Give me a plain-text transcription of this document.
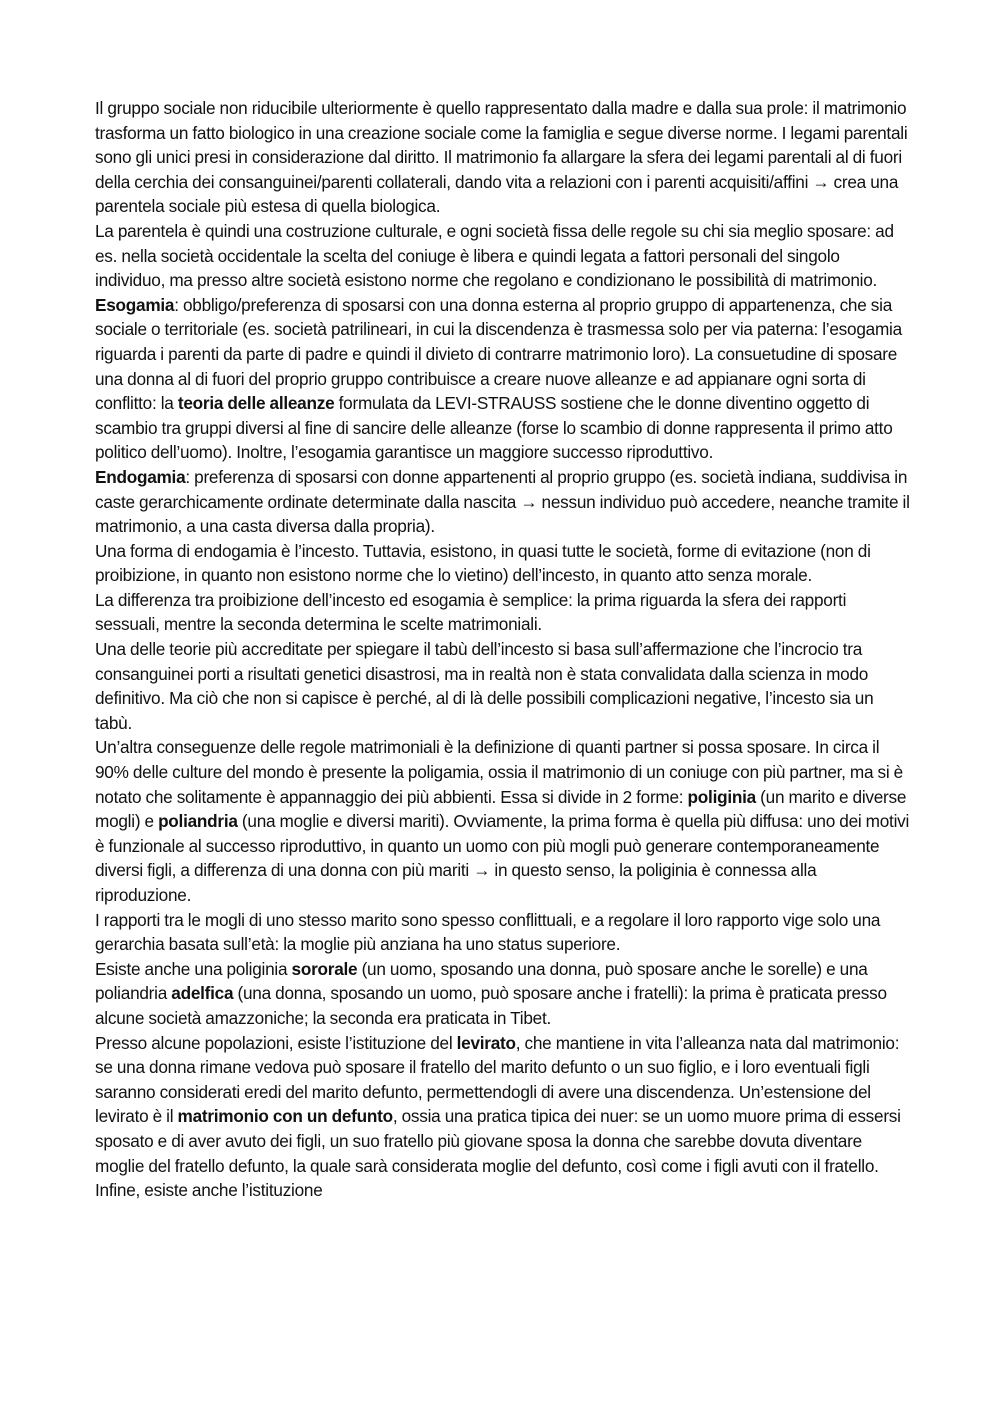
Il gruppo sociale non riducibile ulteriormente è quello rappresentato dalla madre e dalla sua prole: il matrimonio trasforma un fatto biologico in una creazione sociale come la famiglia e segue diverse norme. I legami parentali sono gli unici presi in considerazione dal diritto. Il matrimonio fa allargare la sfera dei legami parentali al di fuori della cerchia dei consanguinei/parenti collaterali, dando vita a relazioni con i parenti acquisiti/affini → crea una parentela sociale più estesa di quella biologica.

La parentela è quindi una costruzione culturale, e ogni società fissa delle regole su chi sia meglio sposare: ad es. nella società occidentale la scelta del coniuge è libera e quindi legata a fattori personali del singolo individuo, ma presso altre società esistono norme che regolano e condizionano le possibilità di matrimonio.

Esogamia: obbligo/preferenza di sposarsi con una donna esterna al proprio gruppo di appartenenza, che sia sociale o territoriale (es. società patrilineari, in cui la discendenza è trasmessa solo per via paterna: l’esogamia riguarda i parenti da parte di padre e quindi il divieto di contrarre matrimonio loro). La consuetudine di sposare una donna al di fuori del proprio gruppo contribuisce a creare nuove alleanze e ad appianare ogni sorta di conflitto: la teoria delle alleanze formulata da LEVI-STRAUSS sostiene che le donne diventino oggetto di scambio tra gruppi diversi al fine di sancire delle alleanze (forse lo scambio di donne rappresenta il primo atto politico dell’uomo). Inoltre, l’esogamia garantisce un maggiore successo riproduttivo.

Endogamia: preferenza di sposarsi con donne appartenenti al proprio gruppo (es. società indiana, suddivisa in caste gerarchicamente ordinate determinate dalla nascita → nessun individuo può accedere, neanche tramite il matrimonio, a una casta diversa dalla propria).

Una forma di endogamia è l’incesto. Tuttavia, esistono, in quasi tutte le società, forme di evitazione (non di proibizione, in quanto non esistono norme che lo vietino) dell’incesto, in quanto atto senza morale.

La differenza tra proibizione dell’incesto ed esogamia è semplice: la prima riguarda la sfera dei rapporti sessuali, mentre la seconda determina le scelte matrimoniali.

Una delle teorie più accreditate per spiegare il tabù dell’incesto si basa sull’affermazione che l’incrocio tra consanguinei porti a risultati genetici disastrosi, ma in realtà non è stata convalidata dalla scienza in modo definitivo. Ma ciò che non si capisce è perché, al di là delle possibili complicazioni negative, l’incesto sia un tabù.

Un’altra conseguenze delle regole matrimoniali è la definizione di quanti partner si possa sposare. In circa il 90% delle culture del mondo è presente la poligamia, ossia il matrimonio di un coniuge con più partner, ma si è notato che solitamente è appannaggio dei più abbienti. Essa si divide in 2 forme: poliginia (un marito e diverse mogli) e poliandria (una moglie e diversi mariti). Ovviamente, la prima forma è quella più diffusa: uno dei motivi è funzionale al successo riproduttivo, in quanto un uomo con più mogli può generare contemporaneamente diversi figli, a differenza di una donna con più mariti → in questo senso, la poliginia è connessa alla riproduzione.

I rapporti tra le mogli di uno stesso marito sono spesso conflittuali, e a regolare il loro rapporto vige solo una gerarchia basata sull’età: la moglie più anziana ha uno status superiore.

Esiste anche una poliginia sororale (un uomo, sposando una donna, può sposare anche le sorelle) e una poliandria adelfica (una donna, sposando un uomo, può sposare anche i fratelli): la prima è praticata presso alcune società amazzoniche; la seconda era praticata in Tibet.

Presso alcune popolazioni, esiste l’istituzione del levirato, che mantiene in vita l’alleanza nata dal matrimonio: se una donna rimane vedova può sposare il fratello del marito defunto o un suo figlio, e i loro eventuali figli saranno considerati eredi del marito defunto, permettendogli di avere una discendenza. Un’estensione del levirato è il matrimonio con un defunto, ossia una pratica tipica dei nuer: se un uomo muore prima di essersi sposato e di aver avuto dei figli, un suo fratello più giovane sposa la donna che sarebbe dovuta diventare moglie del fratello defunto, la quale sarà considerata moglie del defunto, così come i figli avuti con il fratello. Infine, esiste anche l’istituzione
